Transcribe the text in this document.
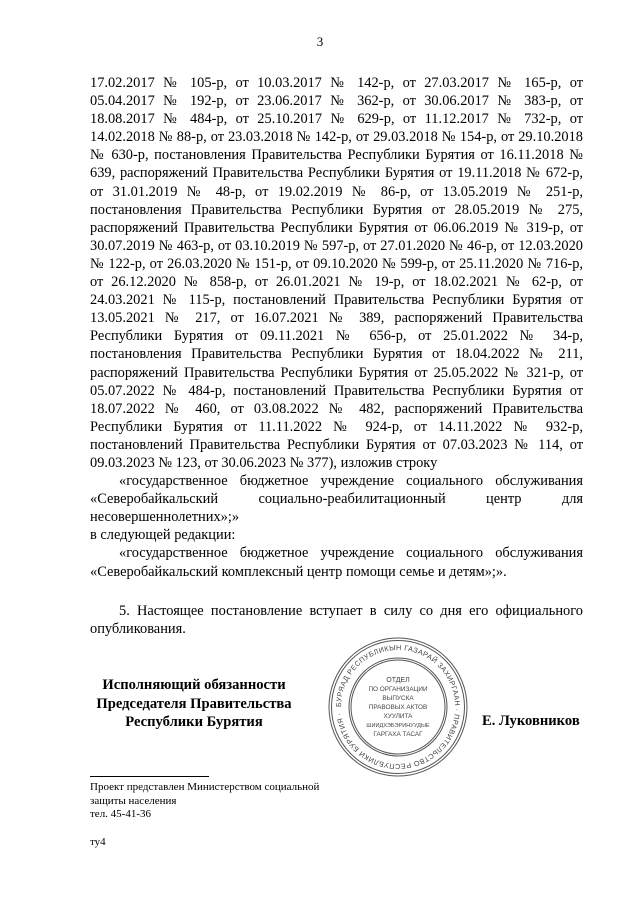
3

17.02.2017 № 105-р, от 10.03.2017 № 142-р, от 27.03.2017 № 165-р, от 05.04.2017 № 192-р, от 23.06.2017 № 362-р, от 30.06.2017 № 383-р, от 18.08.2017 № 484-р, от 25.10.2017 № 629-р, от 11.12.2017 № 732-р, от 14.02.2018 № 88-р, от 23.03.2018 № 142-р, от 29.03.2018 № 154-р, от 29.10.2018 № 630-р, постановления Правительства Республики Бурятия от 16.11.2018 № 639, распоряжений Правительства Республики Бурятия от 19.11.2018 № 672-р, от 31.01.2019 № 48-р, от 19.02.2019 № 86-р, от 13.05.2019 № 251-р, постановления Правительства Республики Бурятия от 28.05.2019 № 275, распоряжений Правительства Республики Бурятия от 06.06.2019 № 319-р, от 30.07.2019 № 463-р, от 03.10.2019 № 597-р, от 27.01.2020 № 46-р, от 12.03.2020 № 122-р, от 26.03.2020 № 151-р, от 09.10.2020 № 599-р, от 25.11.2020 № 716-р, от 26.12.2020 № 858-р, от 26.01.2021 № 19-р, от 18.02.2021 № 62-р, от 24.03.2021 № 115-р, постановлений Правительства Республики Бурятия от 13.05.2021 № 217, от 16.07.2021 № 389, распоряжений Правительства Республики Бурятия от 09.11.2021 № 656-р, от 25.01.2022 № 34-р, постановления Правительства Республики Бурятия от 18.04.2022 № 211, распоряжений Правительства Республики Бурятия от 25.05.2022 № 321-р, от 05.07.2022 № 484-р, постановлений Правительства Республики Бурятия от 18.07.2022 № 460, от 03.08.2022 № 482, распоряжений Правительства Республики Бурятия от 11.11.2022 № 924-р, от 14.11.2022 № 932-р, постановлений Правительства Республики Бурятия от 07.03.2023 № 114, от 09.03.2023 № 123, от 30.06.2023 № 377), изложив строку

«государственное бюджетное учреждение социального обслуживания «Северобайкальский социально-реабилитационный центр для несовершеннолетних»;»

в следующей редакции:

«государственное бюджетное учреждение социального обслуживания «Северобайкальский комплексный центр помощи семье и детям»;».

5. Настоящее постановление вступает в силу со дня его официального опубликования.

Исполняющий обязанности
Председателя Правительства
Республики Бурятия
БУРЯАД РЕСПУБЛИКЫН ГАЗАРАЙ ЗАХИРГААН · ПРАВИТЕЛЬСТВО РЕСПУБЛИКИ БУРЯТИЯ ·
ОТДЕЛ
ПО ОРГАНИЗАЦИИ
ВЫПУСКА
ПРАВОВЫХ АКТОВ
ХУУЛИТА
ШИИДХЭБЭРИНУУДЫЕ
ГАРГАХА ТАСАГ
Е. Луковников
Проект представлен Министерством социальной
защиты населения
тел. 45-41-36
ту4
